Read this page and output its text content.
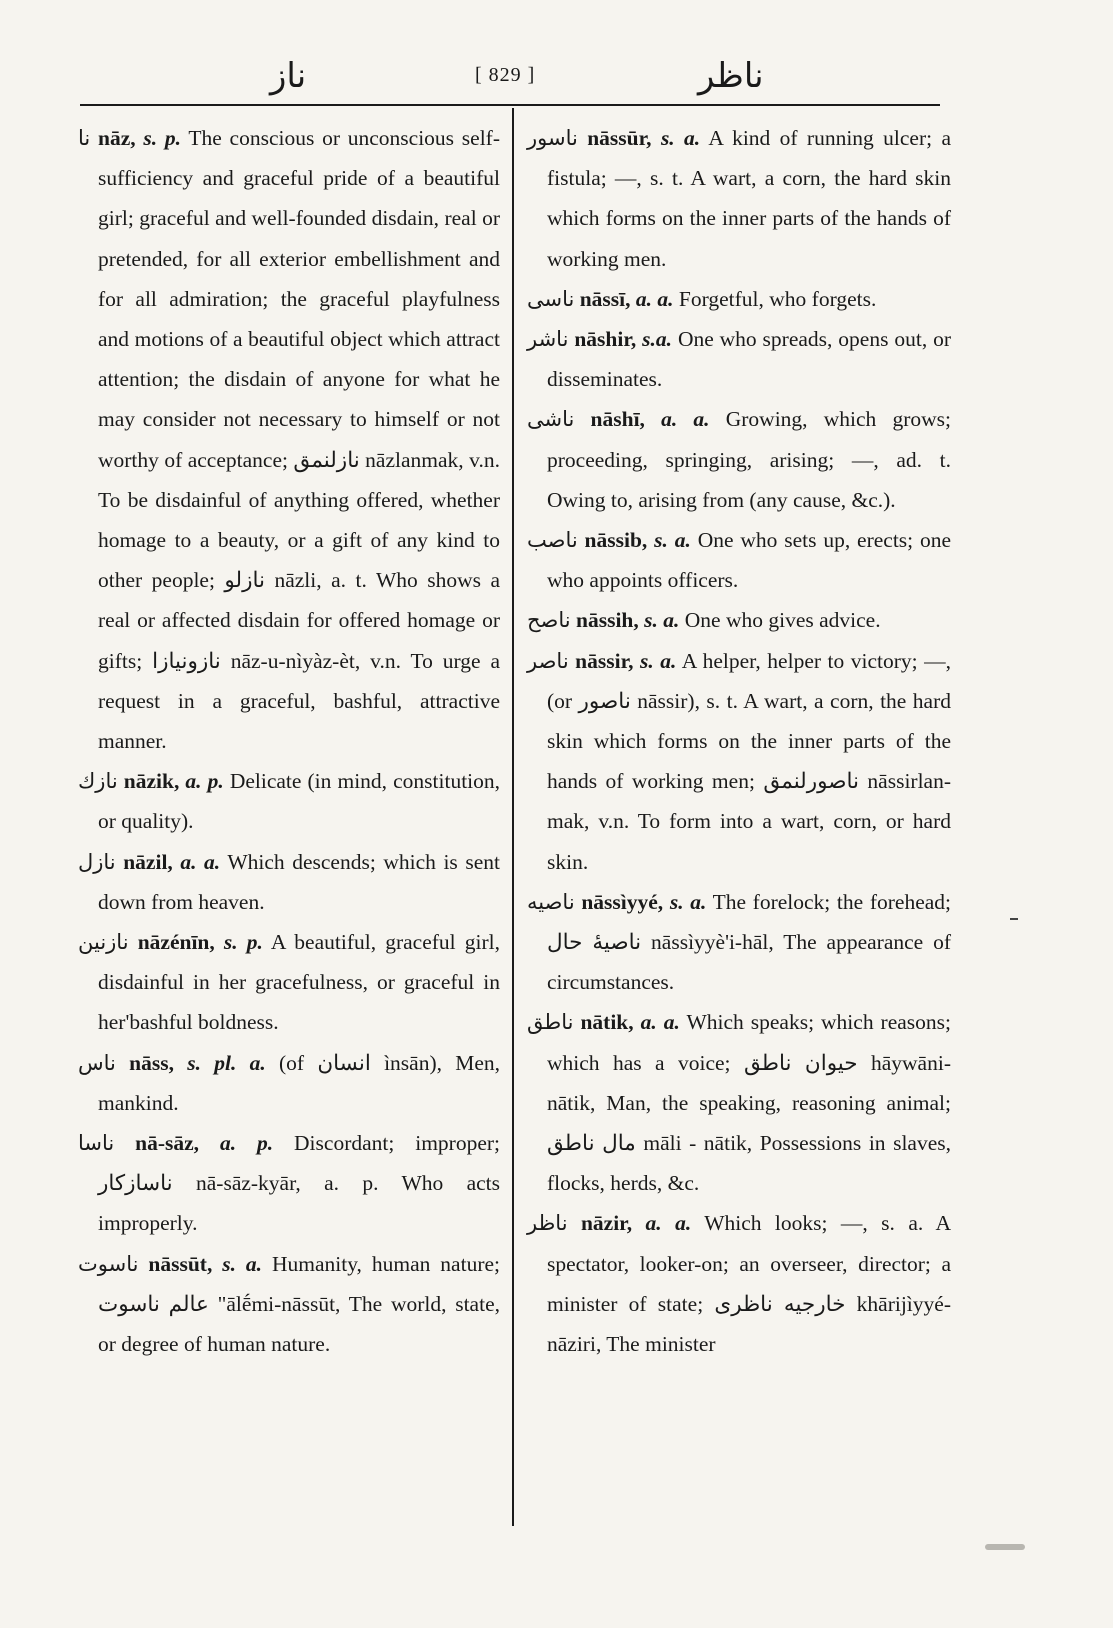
ناز	[ 829 ]	ناظر

نا nāz, s. p. The conscious or unconscious self-sufficiency and graceful pride of a beautiful girl; graceful and well-founded disdain, real or pretended, for all exterior embellishment and for all admiration; the graceful playfulness and motions of a beautiful object which attract attention; the disdain of anyone for what he may consider not necessary to himself or not worthy of acceptance; نازلنمق nāzlanmak, v.n. To be disdainful of anything offered, whether homage to a beauty, or a gift of any kind to other people; نازلو nāzli, a. t. Who shows a real or affected disdain for offered homage or gifts; نازونیازا nāz-u-nìyàz-ѐt, v.n. To urge a request in a graceful, bashful, attractive manner.

نازك nāzik, a. p. Delicate (in mind, constitution, or quality).

نازل nāzil, a. a. Which descends; which is sent down from heaven.

نازنين nāzénīn, s. p. A beautiful, graceful girl, disdainful in her gracefulness, or graceful in her'bashful boldness.

ناس nāss, s. pl. a. (of انسان ìnsān), Men, mankind.

ناسا nā-sāz, a. p. Discordant; improper; ناسازكار nā-sāz-kyār, a. p. Who acts improperly.

ناسوت nāssūt, s. a. Humanity, human nature; عالم ناسوت "ālḗmi-nāssūt, The world, state, or degree of human nature.

ناسور nāssūr, s. a. A kind of running ulcer; a fistula; —, s. t. A wart, a corn, the hard skin which forms on the inner parts of the hands of working men.

ناسى nāssī, a. a. Forgetful, who forgets.

ناشر nāshir, s.a. One who spreads, opens out, or disseminates.

ناشى nāshī, a. a. Growing, which grows; proceeding, springing, arising; —, ad. t. Owing to, arising from (any cause, &c.).

ناصب nāssib, s. a. One who sets up, erects; one who appoints officers.

ناصح nāssih, s. a. One who gives advice.

ناصر nāssir, s. a. A helper, helper to victory; —, (or ناصور nāssir), s. t. A wart, a corn, the hard skin which forms on the inner parts of the hands of working men; ناصورلنمق nāssirlan-mak, v.n. To form into a wart, corn, or hard skin.

ناصيه nāssìyyé, s. a. The forelock; the forehead; ناصيهٔ حال nāssìyyè'i-hāl, The appearance of circumstances.

ناطق nātik, a. a. Which speaks; which reasons; which has a voice; حيوان ناطق hāywāni-nātik, Man, the speaking, reasoning animal; مال ناطق māli - nātik, Possessions in slaves, flocks, herds, &c.

ناظر nāzir, a. a. Which looks; —, s. a. A spectator, looker-on; an overseer, director; a minister of state; خارجيه ناظرى khārijìyyé-nāziri, The minister
